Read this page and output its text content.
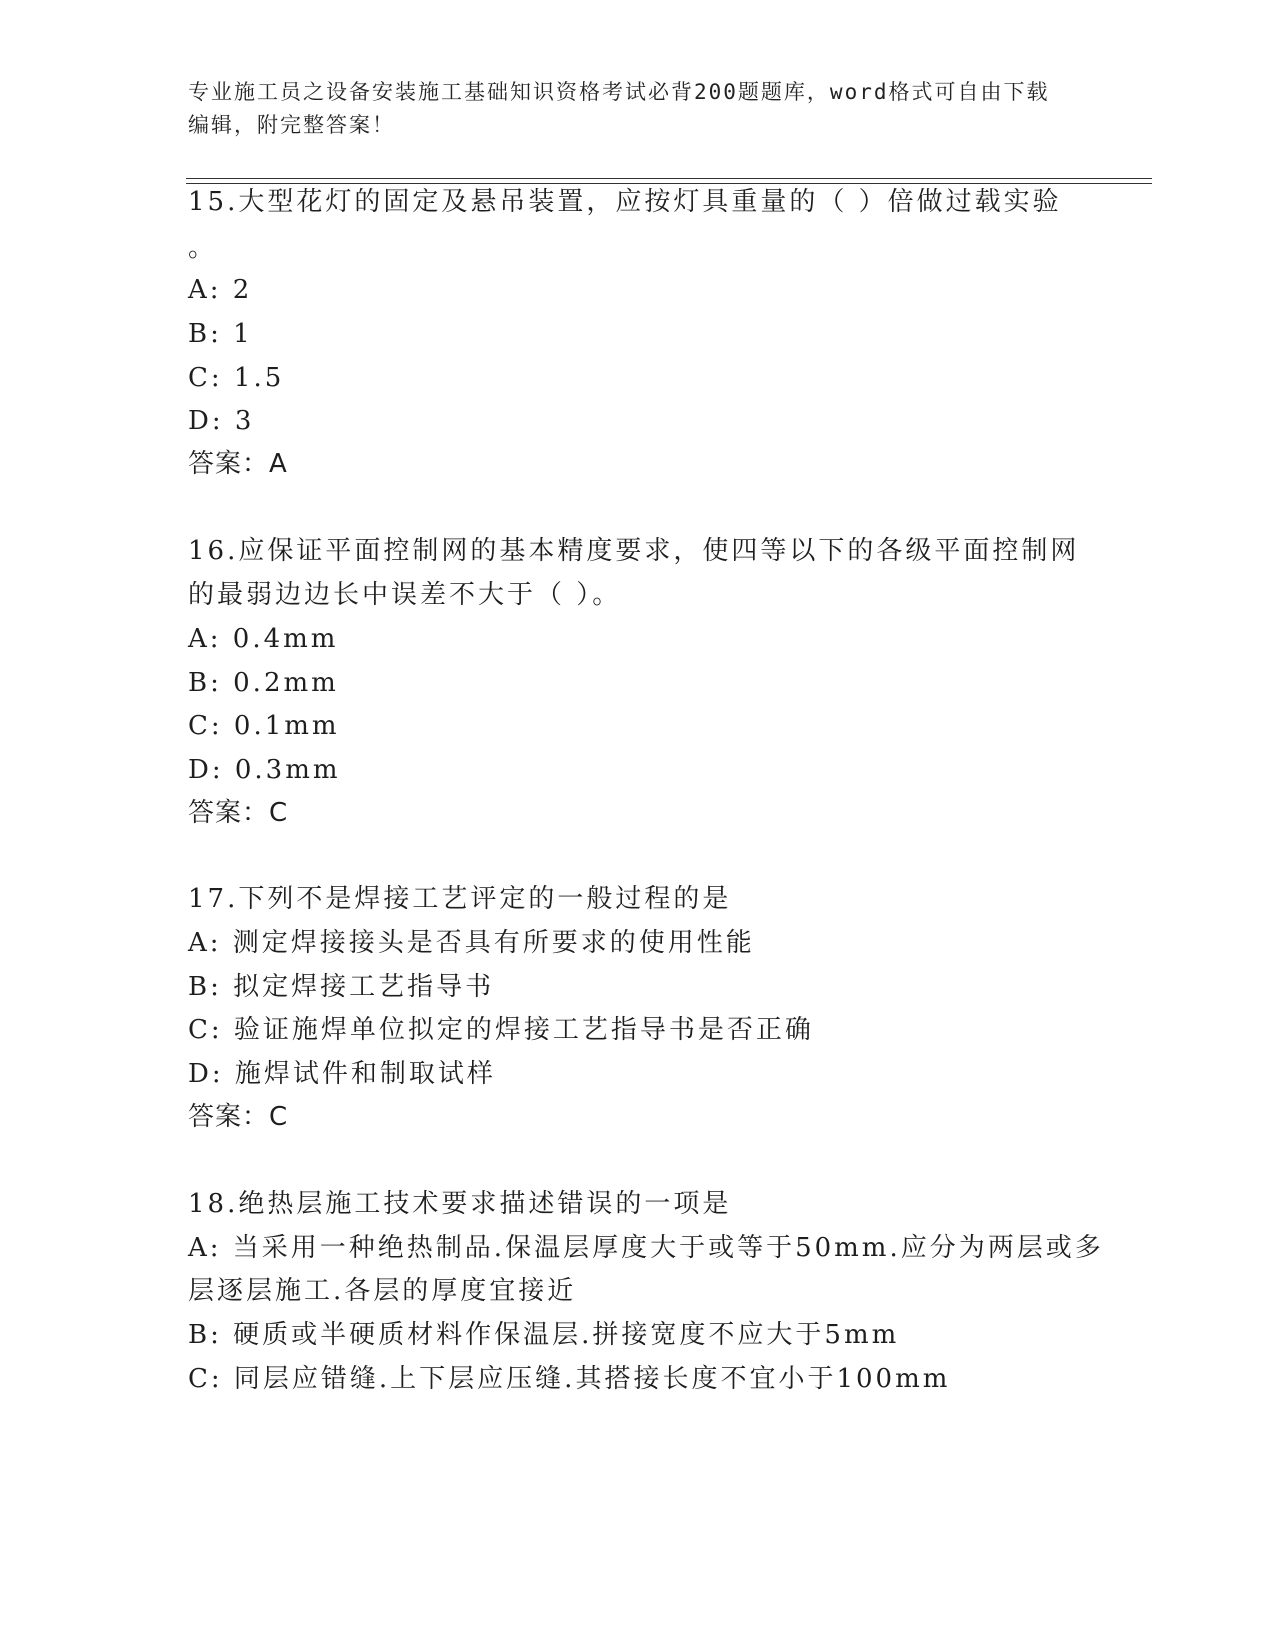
专业施工员之设备安装施工基础知识资格考试必背200题题库，word格式可自由下载编辑，附完整答案！
15.大型花灯的固定及悬吊装置，应按灯具重量的（ ）倍做过载实验
。
A: 2
B: 1
C: 1.5
D: 3
答案：A
16.应保证平面控制网的基本精度要求，使四等以下的各级平面控制网
的最弱边边长中误差不大于（ ）。
A: 0.4mm
B: 0.2mm
C: 0.1mm
D: 0.3mm
答案：C
17.下列不是焊接工艺评定的一般过程的是
A: 测定焊接接头是否具有所要求的使用性能
B: 拟定焊接工艺指导书
C: 验证施焊单位拟定的焊接工艺指导书是否正确
D: 施焊试件和制取试样
答案：C
18.绝热层施工技术要求描述错误的一项是
A: 当采用一种绝热制品.保温层厚度大于或等于50mm.应分为两层或多
层逐层施工.各层的厚度宜接近
B: 硬质或半硬质材料作保温层.拼接宽度不应大于5mm
C: 同层应错缝.上下层应压缝.其搭接长度不宜小于100mm
